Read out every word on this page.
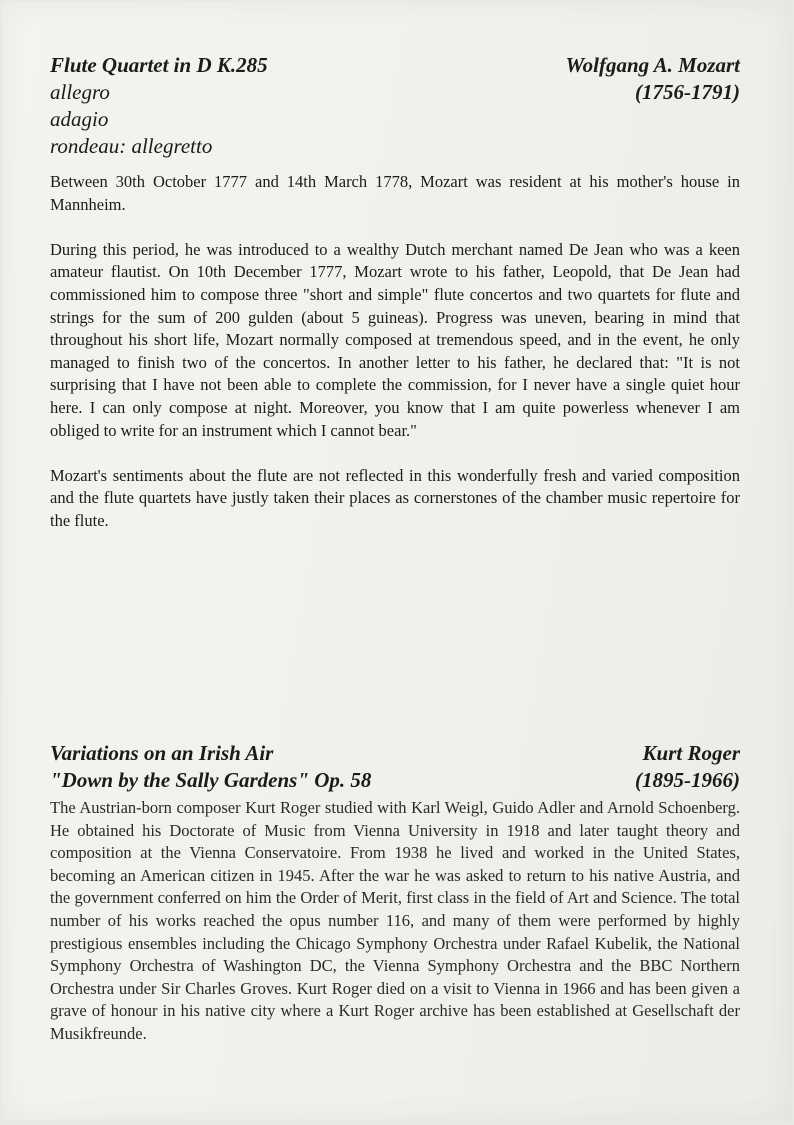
Flute Quartet in D K.285
allegro
adagio
rondeau: allegretto
Wolfgang A. Mozart
(1756-1791)

Between 30th October 1777 and 14th March 1778, Mozart was resident at his mother's house in Mannheim.

During this period, he was introduced to a wealthy Dutch merchant named De Jean who was a keen amateur flautist. On 10th December 1777, Mozart wrote to his father, Leopold, that De Jean had commissioned him to compose three "short and simple" flute concertos and two quartets for flute and strings for the sum of 200 gulden (about 5 guineas). Progress was uneven, bearing in mind that throughout his short life, Mozart normally composed at tremendous speed, and in the event, he only managed to finish two of the concertos. In another letter to his father, he declared that: "It is not surprising that I have not been able to complete the commission, for I never have a single quiet hour here. I can only compose at night. Moreover, you know that I am quite powerless whenever I am obliged to write for an instrument which I cannot bear."

Mozart's sentiments about the flute are not reflected in this wonderfully fresh and varied composition and the flute quartets have justly taken their places as cornerstones of the chamber music repertoire for the flute.

Variations on an Irish Air
"Down by the Sally Gardens" Op. 58
Kurt Roger
(1895-1966)

The Austrian-born composer Kurt Roger studied with Karl Weigl, Guido Adler and Arnold Schoenberg. He obtained his Doctorate of Music from Vienna University in 1918 and later taught theory and composition at the Vienna Conservatoire. From 1938 he lived and worked in the United States, becoming an American citizen in 1945. After the war he was asked to return to his native Austria, and the government conferred on him the Order of Merit, first class in the field of Art and Science. The total number of his works reached the opus number 116, and many of them were performed by highly prestigious ensembles including the Chicago Symphony Orchestra under Rafael Kubelik, the National Symphony Orchestra of Washington DC, the Vienna Symphony Orchestra and the BBC Northern Orchestra under Sir Charles Groves. Kurt Roger died on a visit to Vienna in 1966 and has been given a grave of honour in his native city where a Kurt Roger archive has been established at Gesellschaft der Musikfreunde.
